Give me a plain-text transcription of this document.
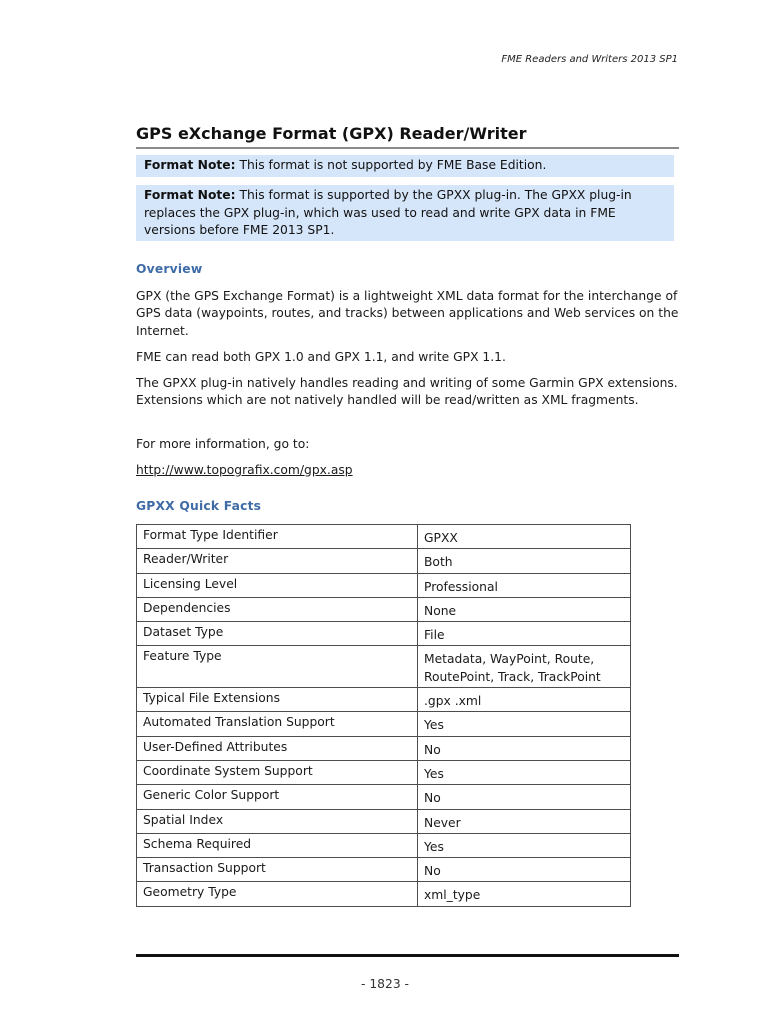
FME Readers and Writers 2013 SP1
GPS eXchange Format (GPX) Reader/Writer
Format Note: This format is not supported by FME Base Edition.
Format Note: This format is supported by the GPXX plug-in. The GPXX plug-in replaces the GPX plug-in, which was used to read and write GPX data in FME versions before FME 2013 SP1.
Overview
GPX (the GPS Exchange Format) is a lightweight XML data format for the interchange of GPS data (waypoints, routes, and tracks) between applications and Web services on the Internet.
FME can read both GPX 1.0 and GPX 1.1, and write GPX 1.1.
The GPXX plug-in natively handles reading and writing of some Garmin GPX extensions. Extensions which are not natively handled will be read/written as XML fragments.
For more information, go to:
http://www.topografix.com/gpx.asp
GPXX Quick Facts
Format Type Identifier	GPXX
Reader/Writer	Both
Licensing Level	Professional
Dependencies	None
Dataset Type	File
Feature Type	Metadata, WayPoint, Route, RoutePoint, Track, TrackPoint
Typical File Extensions	.gpx .xml
Automated Translation Support	Yes
User-Defined Attributes	No
Coordinate System Support	Yes
Generic Color Support	No
Spatial Index	Never
Schema Required	Yes
Transaction Support	No
Geometry Type	xml_type
- 1823 -
